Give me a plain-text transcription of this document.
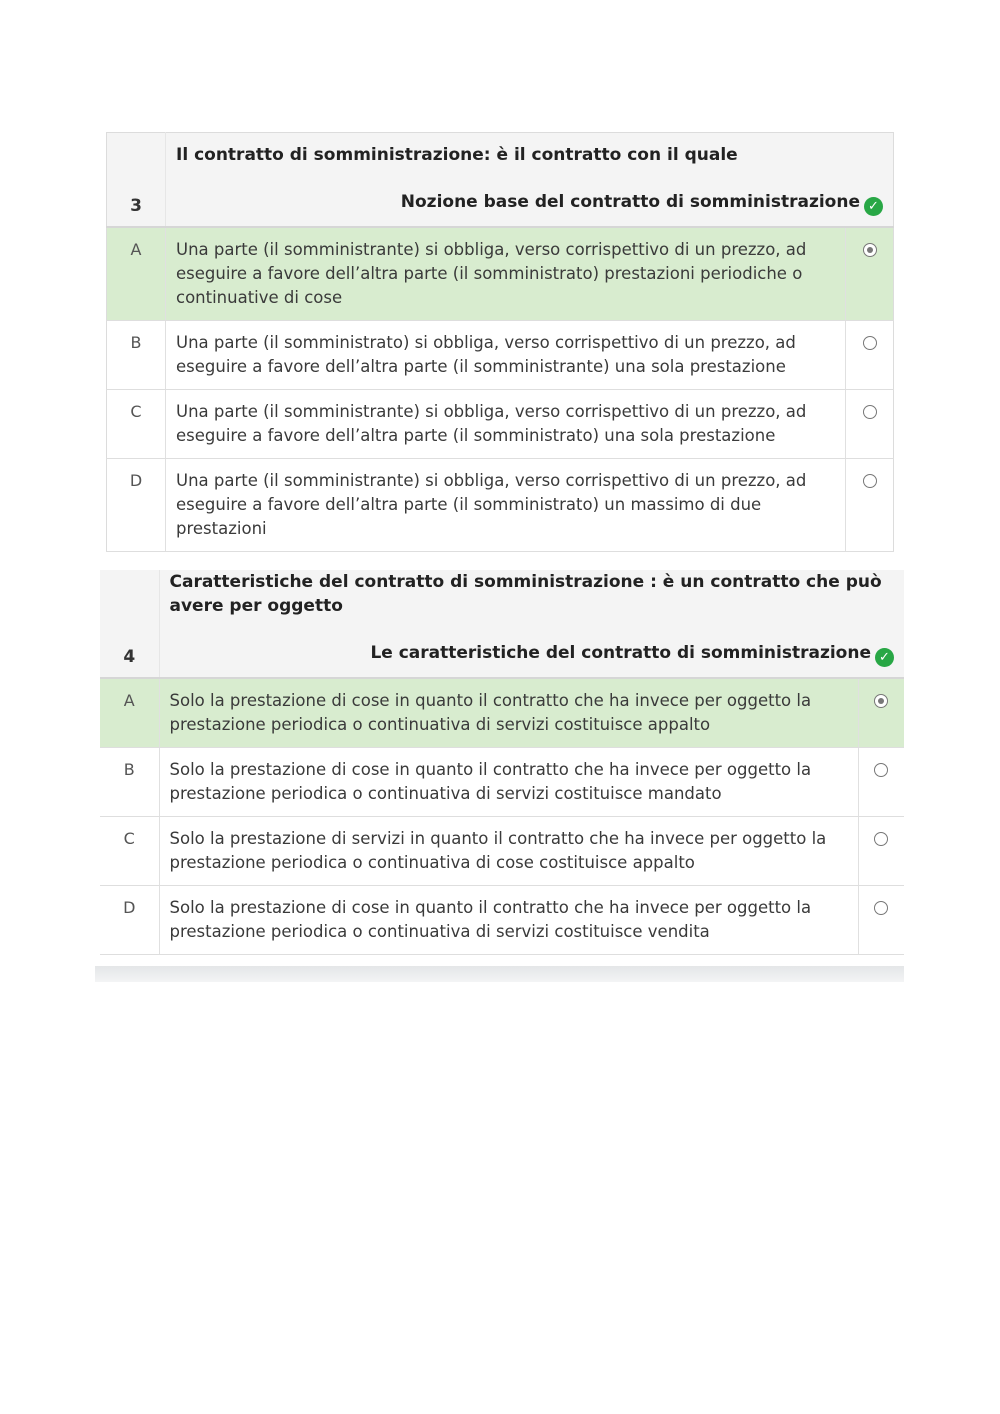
3	Il contratto di somministrazione: è il contratto con il quale
Nozione base del contratto di somministrazione ✓	

A	Una parte (il somministrante) si obbliga, verso corrispettivo di un prezzo, ad eseguire a favore dell’altra parte (il somministrato) prestazioni periodiche o continuative di cose	
B	Una parte (il somministrato) si obbliga, verso corrispettivo di un prezzo, ad eseguire a favore dell’altra parte (il somministrante) una sola prestazione	
C	Una parte (il somministrante) si obbliga, verso corrispettivo di un prezzo, ad eseguire a favore dell’altra parte (il somministrato) una sola prestazione	
D	Una parte (il somministrante) si obbliga, verso corrispettivo di un prezzo, ad eseguire a favore dell’altra parte (il somministrato) un massimo di due prestazioni	
4	Caratteristiche del contratto di somministrazione : è un contratto che può avere per oggetto
Le caratteristiche del contratto di somministrazione ✓	

A	Solo la prestazione di cose in quanto il contratto che ha invece per oggetto la prestazione periodica o continuativa di servizi costituisce appalto	
B	Solo la prestazione di cose in quanto il contratto che ha invece per oggetto la prestazione periodica o continuativa di servizi costituisce mandato	
C	Solo la prestazione di servizi in quanto il contratto che ha invece per oggetto la prestazione periodica o continuativa di cose costituisce appalto	
D	Solo la prestazione di cose in quanto il contratto che ha invece per oggetto la prestazione periodica o continuativa di servizi costituisce vendita	
